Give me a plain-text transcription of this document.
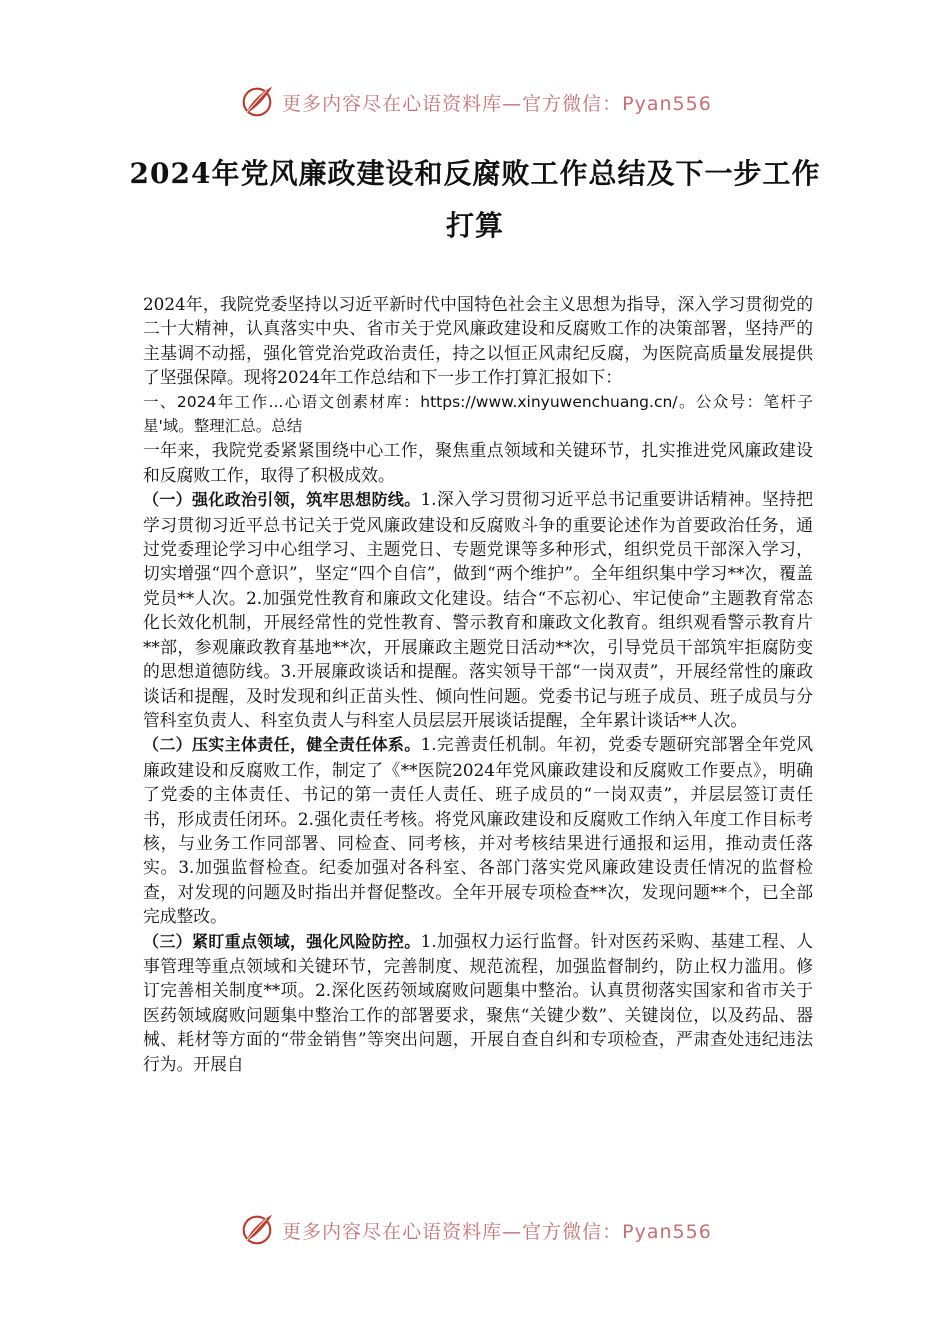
更多内容尽在心语资料库—官方微信：Pyan556
2024年党风廉政建设和反腐败工作总结及下一步工作打算

2024年，我院党委坚持以习近平新时代中国特色社会主义思想为指导，深入学习贯彻党的二十大精神，认真落实中央、省市关于党风廉政建设和反腐败工作的决策部署，坚持严的主基调不动摇，强化管党治党政治责任，持之以恒正风肃纪反腐，为医院高质量发展提供了坚强保障。现将2024年工作总结和下一步工作打算汇报如下：

一、2024年工作...心语文创素材库：https://www.xinyuwenchuang.cn/。公众号：笔杆子星'域。整理汇总。总结

一年来，我院党委紧紧围绕中心工作，聚焦重点领域和关键环节，扎实推进党风廉政建设和反腐败工作，取得了积极成效。

（一）强化政治引领，筑牢思想防线。1.深入学习贯彻习近平总书记重要讲话精神。坚持把学习贯彻习近平总书记关于党风廉政建设和反腐败斗争的重要论述作为首要政治任务，通过党委理论学习中心组学习、主题党日、专题党课等多种形式，组织党员干部深入学习，切实增强“四个意识”，坚定“四个自信”，做到“两个维护”。全年组织集中学习**次，覆盖党员**人次。2.加强党性教育和廉政文化建设。结合“不忘初心、牢记使命”主题教育常态化长效化机制，开展经常性的党性教育、警示教育和廉政文化教育。组织观看警示教育片**部，参观廉政教育基地**次，开展廉政主题党日活动**次，引导党员干部筑牢拒腐防变的思想道德防线。3.开展廉政谈话和提醒。落实领导干部“一岗双责”，开展经常性的廉政谈话和提醒，及时发现和纠正苗头性、倾向性问题。党委书记与班子成员、班子成员与分管科室负责人、科室负责人与科室人员层层开展谈话提醒，全年累计谈话**人次。

（二）压实主体责任，健全责任体系。1.完善责任机制。年初，党委专题研究部署全年党风廉政建设和反腐败工作，制定了《**医院2024年党风廉政建设和反腐败工作要点》，明确了党委的主体责任、书记的第一责任人责任、班子成员的“一岗双责”，并层层签订责任书，形成责任闭环。2.强化责任考核。将党风廉政建设和反腐败工作纳入年度工作目标考核，与业务工作同部署、同检查、同考核，并对考核结果进行通报和运用，推动责任落实。3.加强监督检查。纪委加强对各科室、各部门落实党风廉政建设责任情况的监督检查，对发现的问题及时指出并督促整改。全年开展专项检查**次，发现问题**个，已全部完成整改。

（三）紧盯重点领域，强化风险防控。1.加强权力运行监督。针对医药采购、基建工程、人事管理等重点领域和关键环节，完善制度、规范流程，加强监督制约，防止权力滥用。修订完善相关制度**项。2.深化医药领域腐败问题集中整治。认真贯彻落实国家和省市关于医药领域腐败问题集中整治工作的部署要求，聚焦“关键少数”、关键岗位，以及药品、器械、耗材等方面的“带金销售”等突出问题，开展自查自纠和专项检查，严肃查处违纪违法行为。开展自

更多内容尽在心语资料库—官方微信：Pyan556
